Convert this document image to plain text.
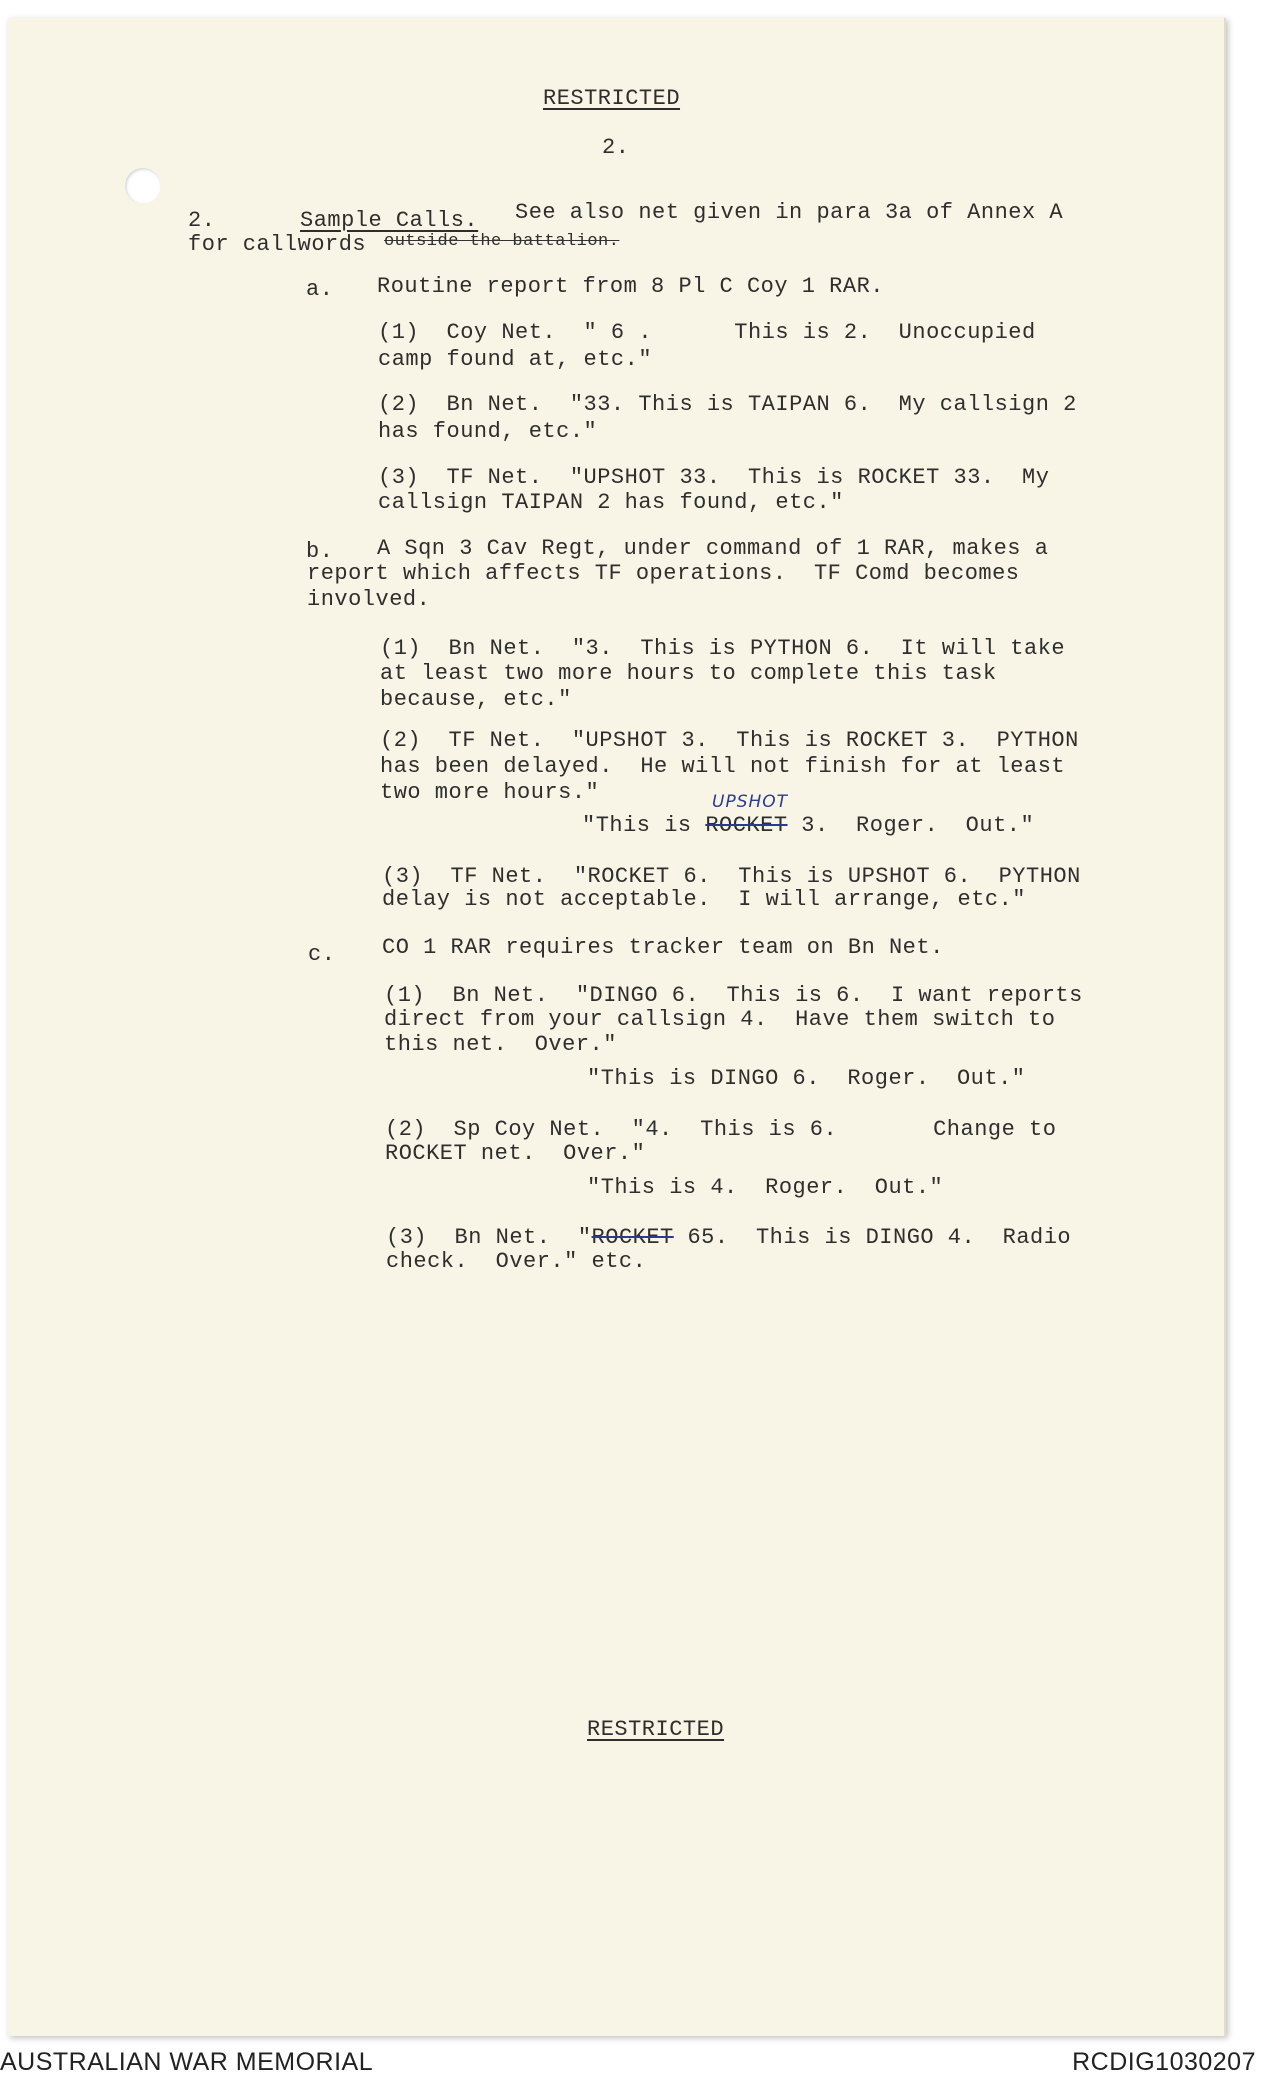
RESTRICTED
2.
2.	Sample Calls. See also net given in para 3a of Annex A
for callwords outside the battalion.
a. Routine report from 8 Pl C Coy 1 RAR.
(1)  Coy Net.  " 6 .      This is 2.  Unoccupied
camp found at, etc."
(2)  Bn Net.  "33. This is TAIPAN 6.  My callsign 2
has found, etc."
(3)  TF Net.  "UPSHOT 33.  This is ROCKET 33.  My
callsign TAIPAN 2 has found, etc."
b. A Sqn 3 Cav Regt, under command of 1 RAR, makes a
report which affects TF operations.  TF Comd becomes
involved.
(1)  Bn Net.  "3.  This is PYTHON 6.  It will take
at least two more hours to complete this task
because, etc."
(2)  TF Net.  "UPSHOT 3.  This is ROCKET 3.  PYTHON
has been delayed.  He will not finish for at least
two more hours."	UPSHOT
"This is ROCKET 3.  Roger.  Out."
(3)  TF Net.  "ROCKET 6.  This is UPSHOT 6.  PYTHON
delay is not acceptable.  I will arrange, etc."
c. CO 1 RAR requires tracker team on Bn Net.
(1)  Bn Net.  "DINGO 6.  This is 6.  I want reports
direct from your callsign 4.  Have them switch to
this net.  Over."
"This is DINGO 6.  Roger.  Out."
(2)  Sp Coy Net.  "4.  This is 6.       Change to
ROCKET net.  Over."
"This is 4.  Roger.  Out."
(3)  Bn Net.  "ROCKET 65.  This is DINGO 4.  Radio
check.  Over." etc.
RESTRICTED
AUSTRALIAN WAR MEMORIAL	RCDIG1030207
